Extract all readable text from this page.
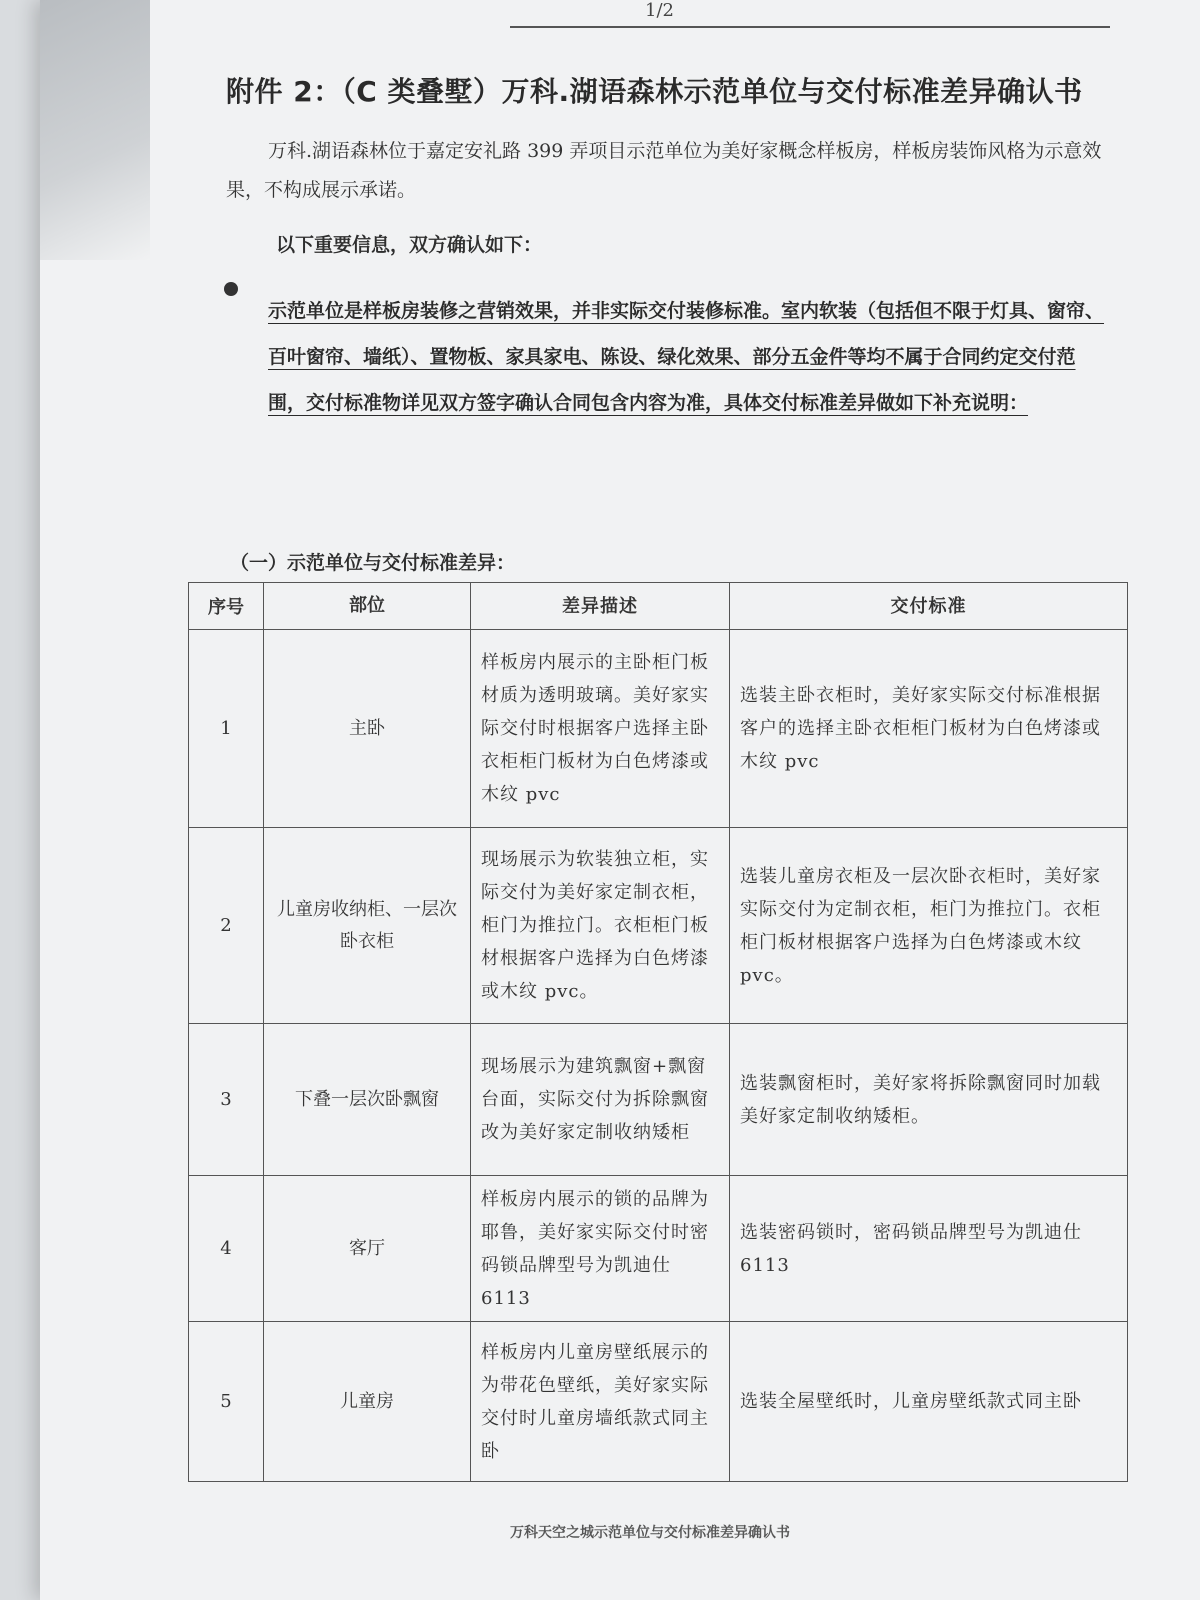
1/2
附件 2：（C 类叠墅）万科.湖语森林示范单位与交付标准差异确认书
万科.湖语森林位于嘉定安礼路 399 弄项目示范单位为美好家概念样板房，样板房装饰风格为示意效果，不构成展示承诺。
以下重要信息，双方确认如下：
示范单位是样板房装修之营销效果，并非实际交付装修标准。室内软装（包括但不限于灯具、窗帘、百叶窗帘、墙纸）、置物板、家具家电、陈设、绿化效果、部分五金件等均不属于合同约定交付范围，交付标准物详见双方签字确认合同包含内容为准，具体交付标准差异做如下补充说明：
（一）示范单位与交付标准差异：
序号	部位	差异描述	交付标准
1	主卧	样板房内展示的主卧柜门板材质为透明玻璃。美好家实际交付时根据客户选择主卧衣柜柜门板材为白色烤漆或木纹 pvc	选装主卧衣柜时，美好家实际交付标准根据客户的选择主卧衣柜柜门板材为白色烤漆或木纹 pvc
2	儿童房收纳柜、一层次卧衣柜	现场展示为软装独立柜，实际交付为美好家定制衣柜，柜门为推拉门。衣柜柜门板材根据客户选择为白色烤漆或木纹 pvc。	选装儿童房衣柜及一层次卧衣柜时，美好家实际交付为定制衣柜，柜门为推拉门。衣柜柜门板材根据客户选择为白色烤漆或木纹 pvc。
3	下叠一层次卧飘窗	现场展示为建筑飘窗+飘窗台面，实际交付为拆除飘窗改为美好家定制收纳矮柜	选装飘窗柜时，美好家将拆除飘窗同时加载美好家定制收纳矮柜。
4	客厅	样板房内展示的锁的品牌为耶鲁，美好家实际交付时密码锁品牌型号为凯迪仕 6113	选装密码锁时，密码锁品牌型号为凯迪仕 6113
5	儿童房	样板房内儿童房壁纸展示的为带花色壁纸，美好家实际交付时儿童房墙纸款式同主卧	选装全屋壁纸时，儿童房壁纸款式同主卧
万科天空之城示范单位与交付标准差异确认书
